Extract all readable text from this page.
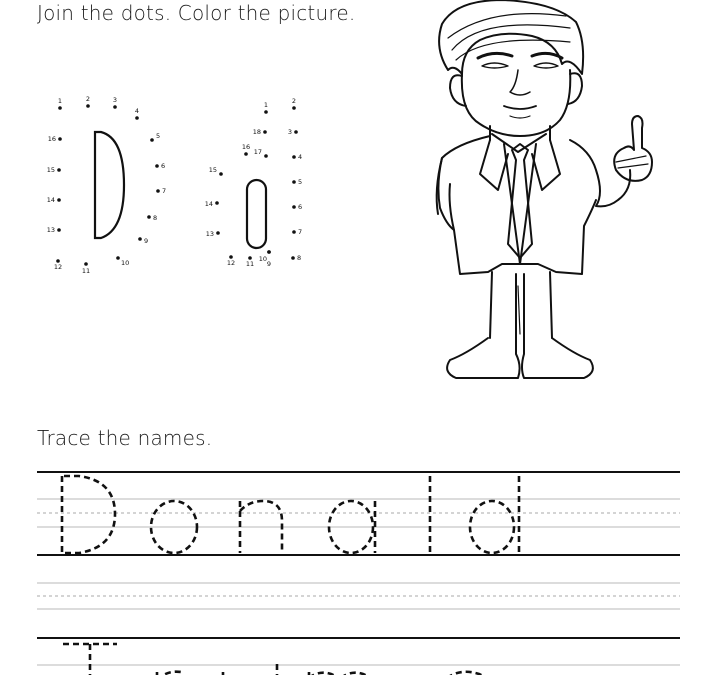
Join the dots. Color the picture.
Trace the names.
1	2	3
4
5
6
7
8
9
10
11
12
13
14
15
16
1	2
3
4
5
6
7
8
9
10
11
12
13
14
15
16
17
18
